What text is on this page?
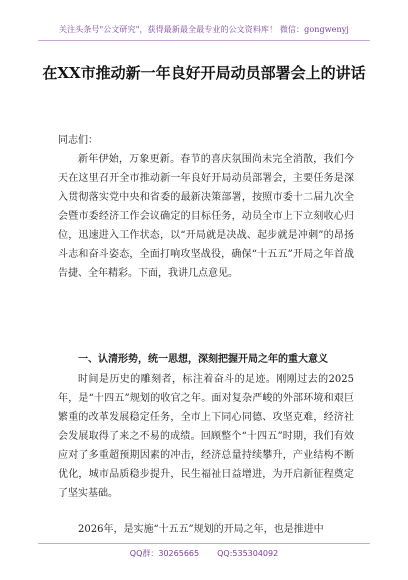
关注头条号"公文研究"，获得最新最全最专业的公文资料库！ 微信：gongwenyj
在XX市推动新一年良好开局动员部署会上的讲话
同志们：

新年伊始，万象更新。春节的喜庆氛围尚未完全消散，我们今天在这里召开全市推动新一年良好开局动员部署会，主要任务是深入贯彻落实党中央和省委的最新决策部署，按照市委十二届九次全会暨市委经济工作会议确定的目标任务，动员全市上下立刻收心归位，迅速进入工作状态，以“开局就是决战、起步就是冲刺”的昂扬斗志和奋斗姿态，全面打响攻坚战役，确保“十五五”开局之年首战告捷、全年精彩。下面，我讲几点意见。

一、认清形势，统一思想，深刻把握开局之年的重大意义

时间是历史的雕刻者，标注着奋斗的足迹。刚刚过去的2025年，是“十四五”规划的收官之年。面对复杂严峻的外部环境和艰巨繁重的改革发展稳定任务，全市上下同心同德、攻坚克难，经济社会发展取得了来之不易的成绩。回顾整个“十四五”时期，我们有效应对了多重超预期因素的冲击，经济总量持续攀升，产业结构不断优化，城市品质稳步提升，民生福祉日益增进，为开启新征程奠定了坚实基础。

2026年，是实施“十五五”规划的开局之年，也是推进中

QQ群：30265665 QQ:535304092
